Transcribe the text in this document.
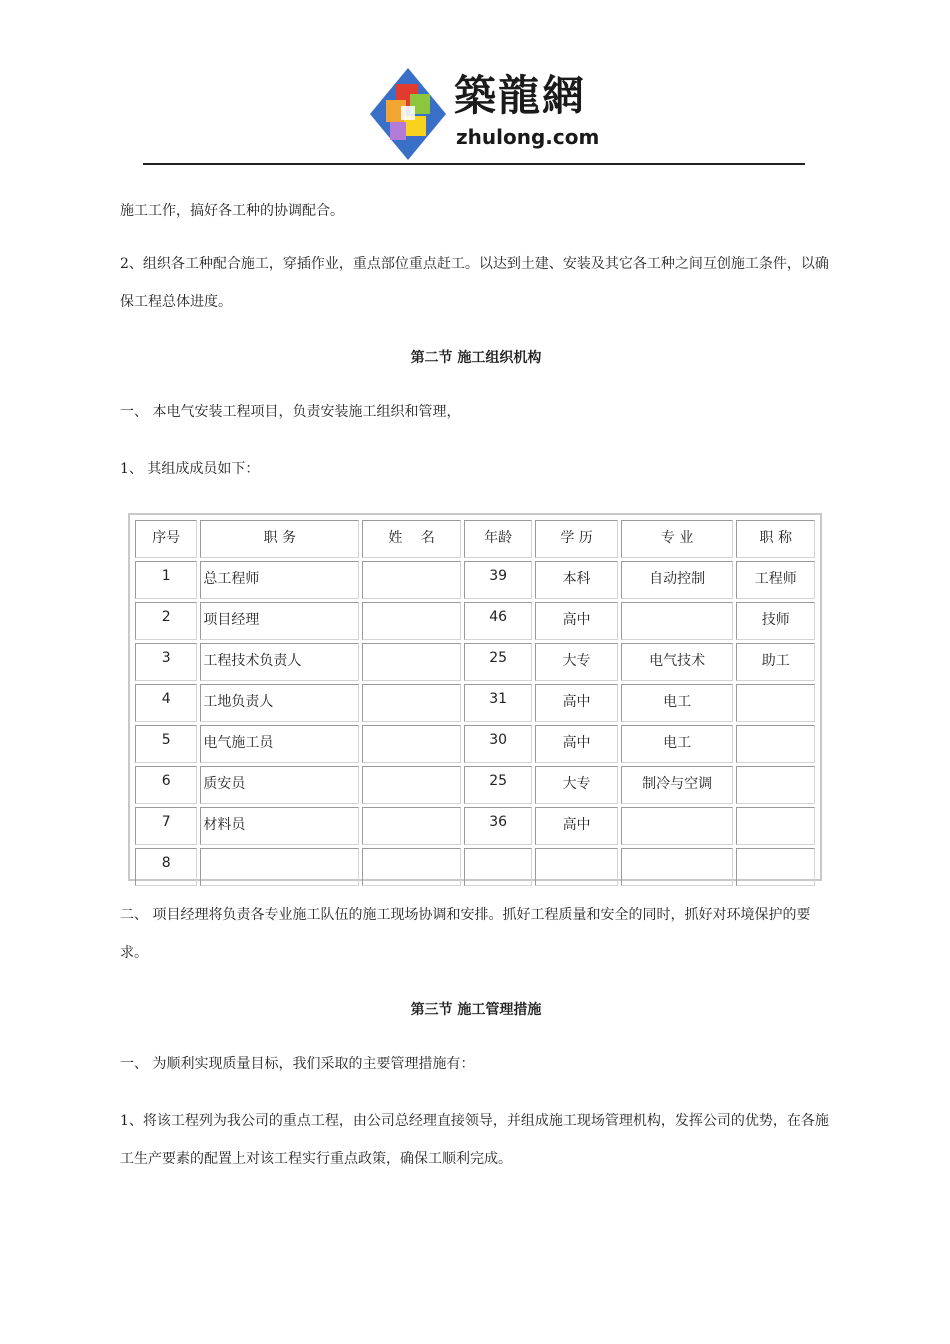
築龍網
zhulong.com

施工工作，搞好各工种的协调配合。

2、组织各工种配合施工，穿插作业，重点部位重点赶工。以达到土建、安装及其它各工种之间互创施工条件，以确保工程总体进度。

第二节 施工组织机构

一、 本电气安装工程项目，负责安装施工组织和管理，

1、 其组成成员如下：

序号	职 务	姓　 名	年龄	学 历	专 业	职 称
1	总工程师		39	本科	自动控制	工程师
2	项目经理		46	高中		技师
3	工程技术负责人		25	大专	电气技术	助工
4	工地负责人		31	高中	电工	
5	电气施工员		30	高中	电工	
6	质安员		25	大专	制冷与空调	
7	材料员		36	高中		
8						

二、 项目经理将负责各专业施工队伍的施工现场协调和安排。抓好工程质量和安全的同时，抓好对环境保护的要求。

第三节 施工管理措施

一、 为顺利实现质量目标，我们采取的主要管理措施有：

1、将该工程列为我公司的重点工程，由公司总经理直接领导，并组成施工现场管理机构，发挥公司的优势，在各施工生产要素的配置上对该工程实行重点政策，确保工顺利完成。
